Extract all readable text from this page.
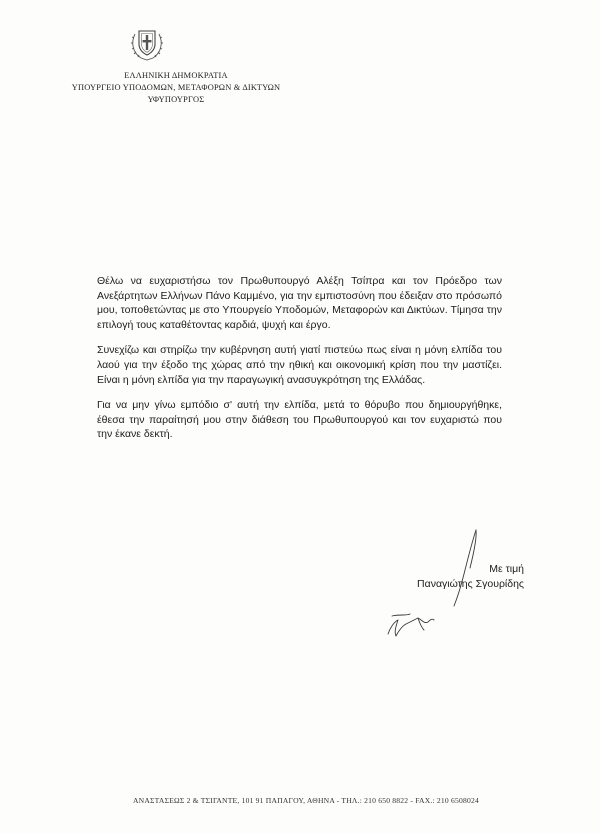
ΕΛΛΗΝΙΚΗ ΔΗΜΟΚΡΑΤΙΑ
ΥΠΟΥΡΓΕΙΟ ΥΠΟΔΟΜΩΝ, ΜΕΤΑΦΟΡΩΝ & ΔΙΚΤΥΩΝ
ΥΦΥΠΟΥΡΓΟΣ

Θέλω να ευχαριστήσω τον Πρωθυπουργό Αλέξη Τσίπρα και τον Πρόεδρο των Ανεξάρτητων Ελλήνων Πάνο Καμμένο, για την εμπιστοσύνη που έδειξαν στο πρόσωπό μου, τοποθετώντας με στο Υπουργείο Υποδομών, Μεταφορών και Δικτύων. Τίμησα την επιλογή τους καταθέτοντας καρδιά, ψυχή και έργο.

Συνεχίζω και στηρίζω την κυβέρνηση αυτή γιατί πιστεύω πως είναι η μόνη ελπίδα του λαού για την έξοδο της χώρας από την ηθική και οικονομική κρίση που την μαστίζει. Είναι η μόνη ελπίδα για την παραγωγική ανασυγκρότηση της Ελλάδας.

Για να μην γίνω εμπόδιο σ' αυτή την ελπίδα, μετά το θόρυβο που δημιουργήθηκε, έθεσα την παραίτησή μου στην διάθεση του Πρωθυπουργού και τον ευχαριστώ που την έκανε δεκτή.

Με τιμή
Παναγιώτης Σγουρίδης
ΑΝΑΣΤΑΣΕΩΣ 2 & ΤΣΙΓΑΝΤΕ, 101 91 ΠΑΠΑΓΟΥ, ΑΘΗΝΑ - ΤΗΛ.: 210 650 8822 - FAX.: 210 6508024
